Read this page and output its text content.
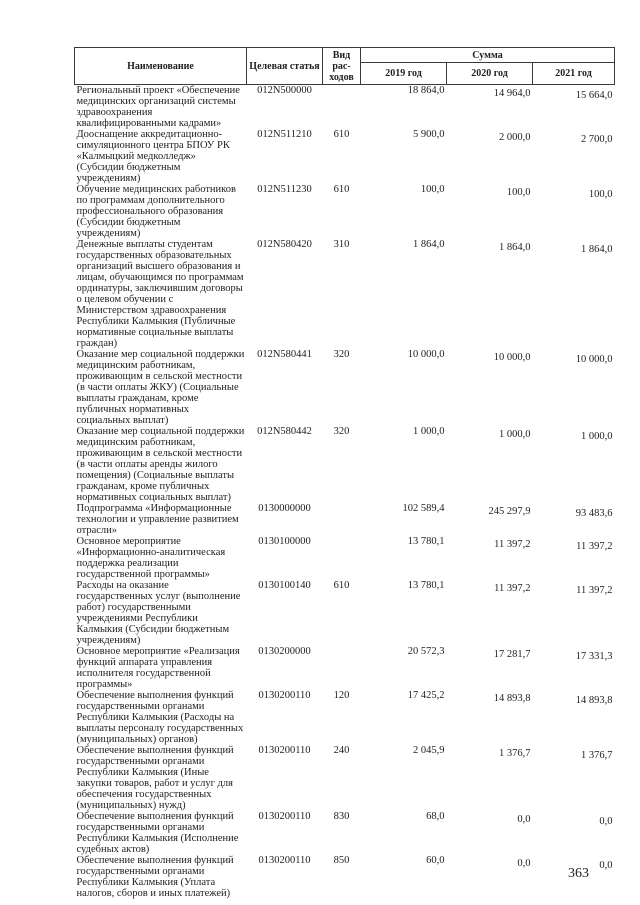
Наименование	Целевая статья	Вид рас-ходов	Сумма		
			2019 год	2020 год	2021 год
Региональный проект «Обеспечение медицинских организаций системы здравоохранения квалифицированными кадрами»	012N500000		18 864,0	14 964,0	15 664,0
Дооснащение аккредитационно-симуляционного центра БПОУ РК «Калмыцкий медколледж» (Субсидии бюджетным учреждениям)	012N511210	610	5 900,0	2 000,0	2 700,0
Обучение медицинских работников по программам дополнительного профессионального образования (Субсидии бюджетным учреждениям)	012N511230	610	100,0	100,0	100,0
Денежные выплаты студентам государственных образовательных организаций высшего образования и лицам, обучающимся по программам ординатуры, заключившим договоры о целевом обучении с Министерством здравоохранения Республики Калмыкия (Публичные нормативные социальные выплаты граждан)	012N580420	310	1 864,0	1 864,0	1 864,0
Оказание мер социальной поддержки медицинским работникам, проживающим в сельской местности (в части оплаты ЖКУ) (Социальные выплаты гражданам, кроме публичных нормативных социальных выплат)	012N580441	320	10 000,0	10 000,0	10 000,0
Оказание мер социальной поддержки медицинским работникам, проживающим в сельской местности (в части оплаты аренды жилого помещения) (Социальные выплаты гражданам, кроме публичных нормативных социальных выплат)	012N580442	320	1 000,0	1 000,0	1 000,0
Подпрограмма «Информационные технологии и управление развитием отрасли»	0130000000		102 589,4	245 297,9	93 483,6
Основное мероприятие «Информационно-аналитическая поддержка реализации государственной программы»	0130100000		13 780,1	11 397,2	11 397,2
Расходы на оказание государственных услуг (выполнение работ) государственными учреждениями Республики Калмыкия (Субсидии бюджетным учреждениям)	0130100140	610	13 780,1	11 397,2	11 397,2
Основное мероприятие «Реализация функций аппарата управления исполнителя государственной программы»	0130200000		20 572,3	17 281,7	17 331,3
Обеспечение выполнения функций государственными органами Республики Калмыкия (Расходы на выплаты персоналу государственных (муниципальных) органов)	0130200110	120	17 425,2	14 893,8	14 893,8
Обеспечение выполнения функций государственными органами Республики Калмыкия (Иные закупки товаров, работ и услуг для обеспечения государственных (муниципальных) нужд)	0130200110	240	2 045,9	1 376,7	1 376,7
Обеспечение выполнения функций государственными органами Республики Калмыкия (Исполнение судебных актов)	0130200110	830	68,0	0,0	0,0
Обеспечение выполнения функций государственными органами Республики Калмыкия (Уплата налогов, сборов и иных платежей)	0130200110	850	60,0	0,0	0,0
363
